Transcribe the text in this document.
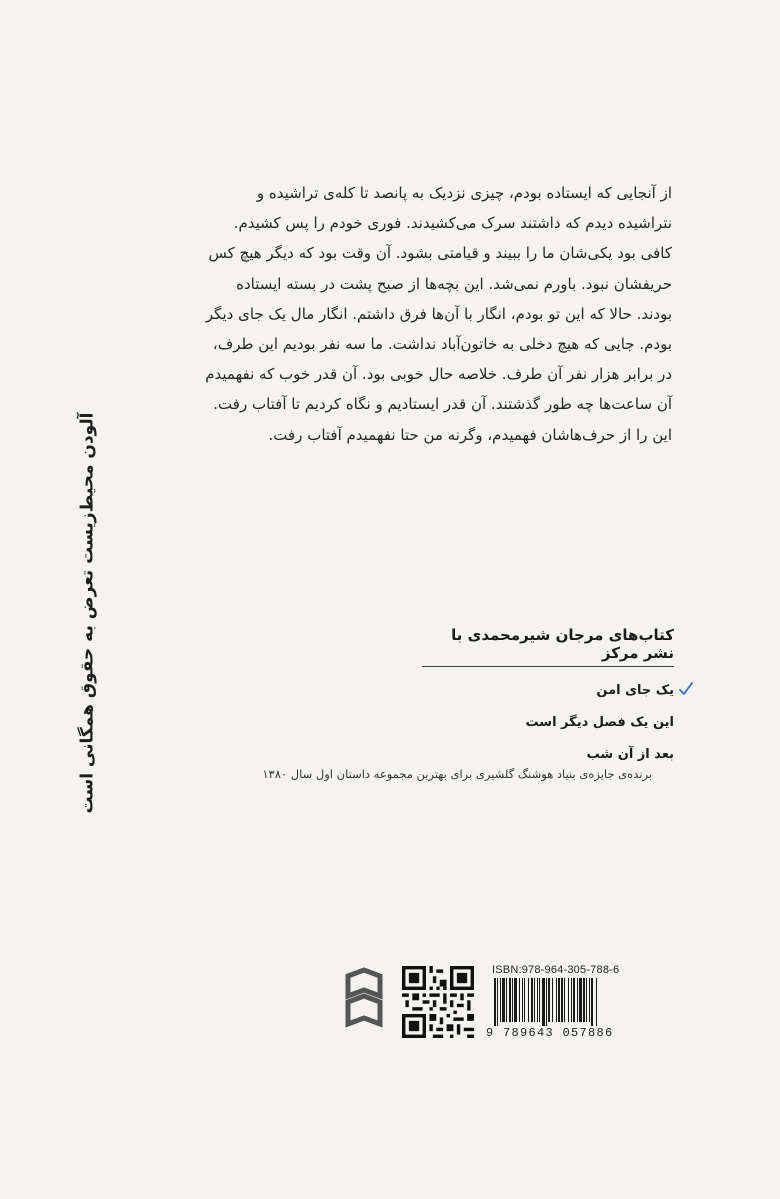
از آنجایی که ایستاده بودم، چیزی نزدیک به پانصد تا کله‌ی تراشیده و
نتراشیده دیدم که داشتند سرک می‌کشیدند. فوری خودم را پس کشیدم.
کافی بود یکی‌شان ما را ببیند و قیامتی بشود. آن وقت بود که دیگر هیچ کس
حریفشان نبود. باورم نمی‌شد. این بچه‌ها از صبح پشت در بسته ایستاده
بودند. حالا که این تو بودم، انگار با آن‌ها فرق داشتم. انگار مال یک جای دیگر
بودم. جایی که هیچ دخلی به خاتون‌آباد نداشت. ما سه نفر بودیم این طرف،
در برابر هزار نفر آن طرف. خلاصه حال خوبی بود. آن قدر خوب که نفهمیدم
آن ساعت‌ها چه طور گذشتند. آن قدر ایستادیم و نگاه کردیم تا آفتاب رفت.
این را از حرف‌هاشان فهمیدم، و‌گرنه من حتا نفهمیدم آفتاب رفت.
آلودن محیط‌زیست تعرض به حقوق همگانی است	کتاب‌های مرجان شیرمحمدی با نشر مرکز
یک جای امن
این یک فصل دیگر است
بعد از آن شب
برنده‌ی جایزه‌ی بنیاد هوشنگ گلشیری برای بهترین مجموعه داستان اول سال ۱۳۸۰
ISBN:978-964-305-788-6
9 789643 057886
